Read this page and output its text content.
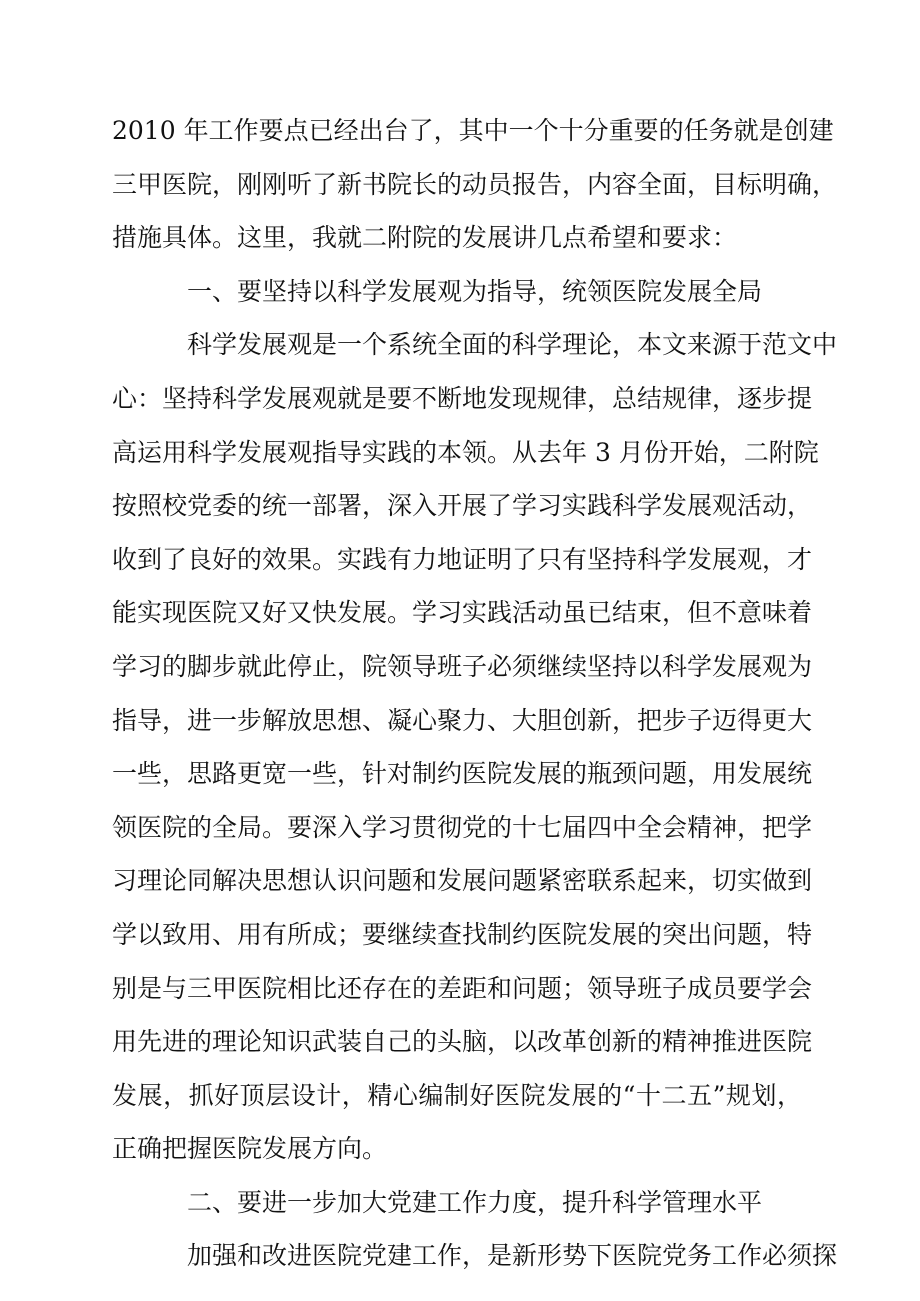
2010 年工作要点已经出台了，其中一个十分重要的任务就是创建
三甲医院，刚刚听了新书院长的动员报告，内容全面，目标明确，
措施具体。这里，我就二附院的发展讲几点希望和要求：
一、要坚持以科学发展观为指导，统领医院发展全局
科学发展观是一个系统全面的科学理论，本文来源于范文中
心：坚持科学发展观就是要不断地发现规律，总结规律，逐步提
高运用科学发展观指导实践的本领。从去年 3 月份开始，二附院
按照校党委的统一部署，深入开展了学习实践科学发展观活动，
收到了良好的效果。实践有力地证明了只有坚持科学发展观，才
能实现医院又好又快发展。学习实践活动虽已结束，但不意味着
学习的脚步就此停止，院领导班子必须继续坚持以科学发展观为
指导，进一步解放思想、凝心聚力、大胆创新，把步子迈得更大
一些，思路更宽一些，针对制约医院发展的瓶颈问题，用发展统
领医院的全局。要深入学习贯彻党的十七届四中全会精神，把学
习理论同解决思想认识问题和发展问题紧密联系起来，切实做到
学以致用、用有所成；要继续查找制约医院发展的突出问题，特
别是与三甲医院相比还存在的差距和问题；领导班子成员要学会
用先进的理论知识武装自己的头脑，以改革创新的精神推进医院
发展，抓好顶层设计，精心编制好医院发展的“十二五”规划，
正确把握医院发展方向。
二、要进一步加大党建工作力度，提升科学管理水平
加强和改进医院党建工作，是新形势下医院党务工作必须探
